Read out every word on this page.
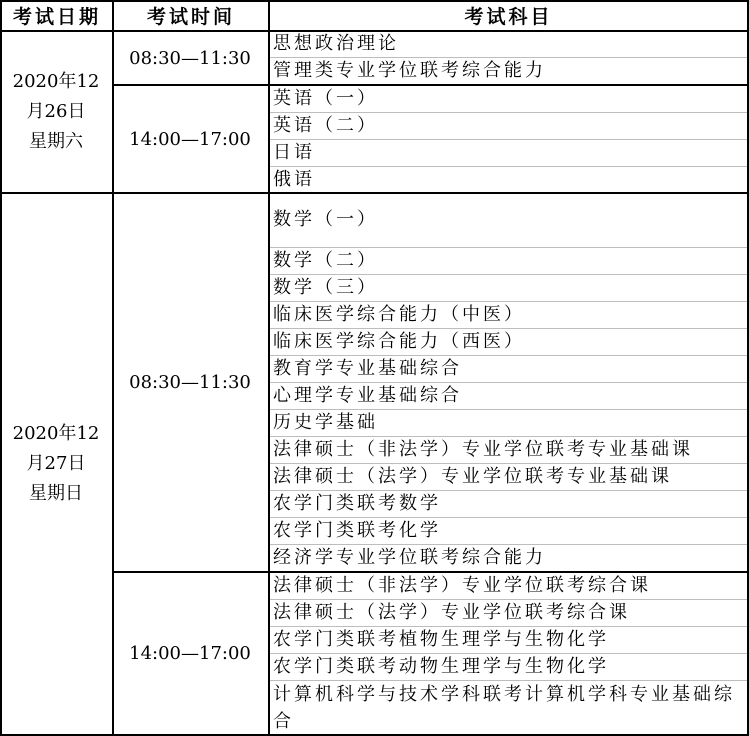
考试日期	考试时间	考试科目
2020年12
月26日
星期六
08:30—11:30
14:00—17:00
思想政治理论
管理类专业学位联考综合能力
英语（一）
英语（二）
日语
俄语
2020年12
月27日
星期日
08:30—11:30
14:00—17:00
数学（一）
数学（二）
数学（三）
临床医学综合能力（中医）
临床医学综合能力（西医）
教育学专业基础综合
心理学专业基础综合
历史学基础
法律硕士（非法学）专业学位联考专业基础课
法律硕士（法学）专业学位联考专业基础课
农学门类联考数学
农学门类联考化学
经济学专业学位联考综合能力
法律硕士（非法学）专业学位联考综合课
法律硕士（法学）专业学位联考综合课
农学门类联考植物生理学与生物化学
农学门类联考动物生理学与生物化学
计算机科学与技术学科联考计算机学科专业基础综合
